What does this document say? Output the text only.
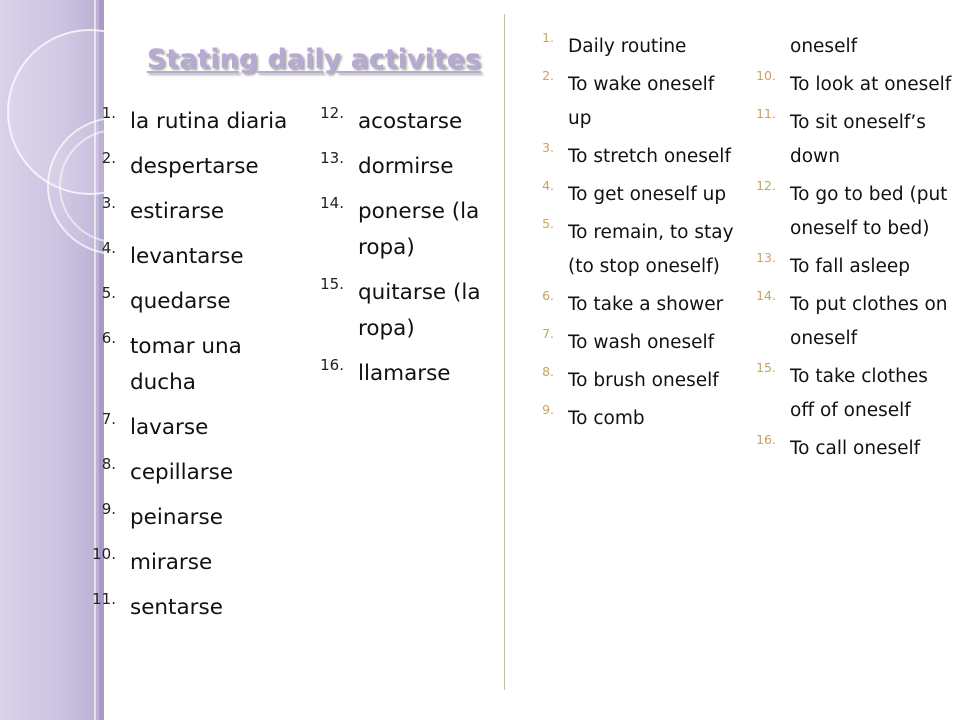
Stating daily activites
1. la rutina diaria
2. despertarse
3. estirarse
4. levantarse
5. quedarse
6. tomar una ducha
7. lavarse
8. cepillarse
9. peinarse
10. mirarse
11. sentarse
12. acostarse
13. dormirse
14. ponerse (la ropa)
15. quitarse (la ropa)
16. llamarse
1. Daily routine
2. To wake oneself up
3. To stretch oneself
4. To get oneself up
5. To remain, to stay (to stop oneself)
6. To take a shower
7. To wash oneself
8. To brush oneself
9. To comb
oneself
10. To look at oneself
11. To sit oneself’s down
12. To go to bed (put oneself to bed)
13. To fall asleep
14. To put clothes on oneself
15. To take clothes off of oneself
16. To call oneself
